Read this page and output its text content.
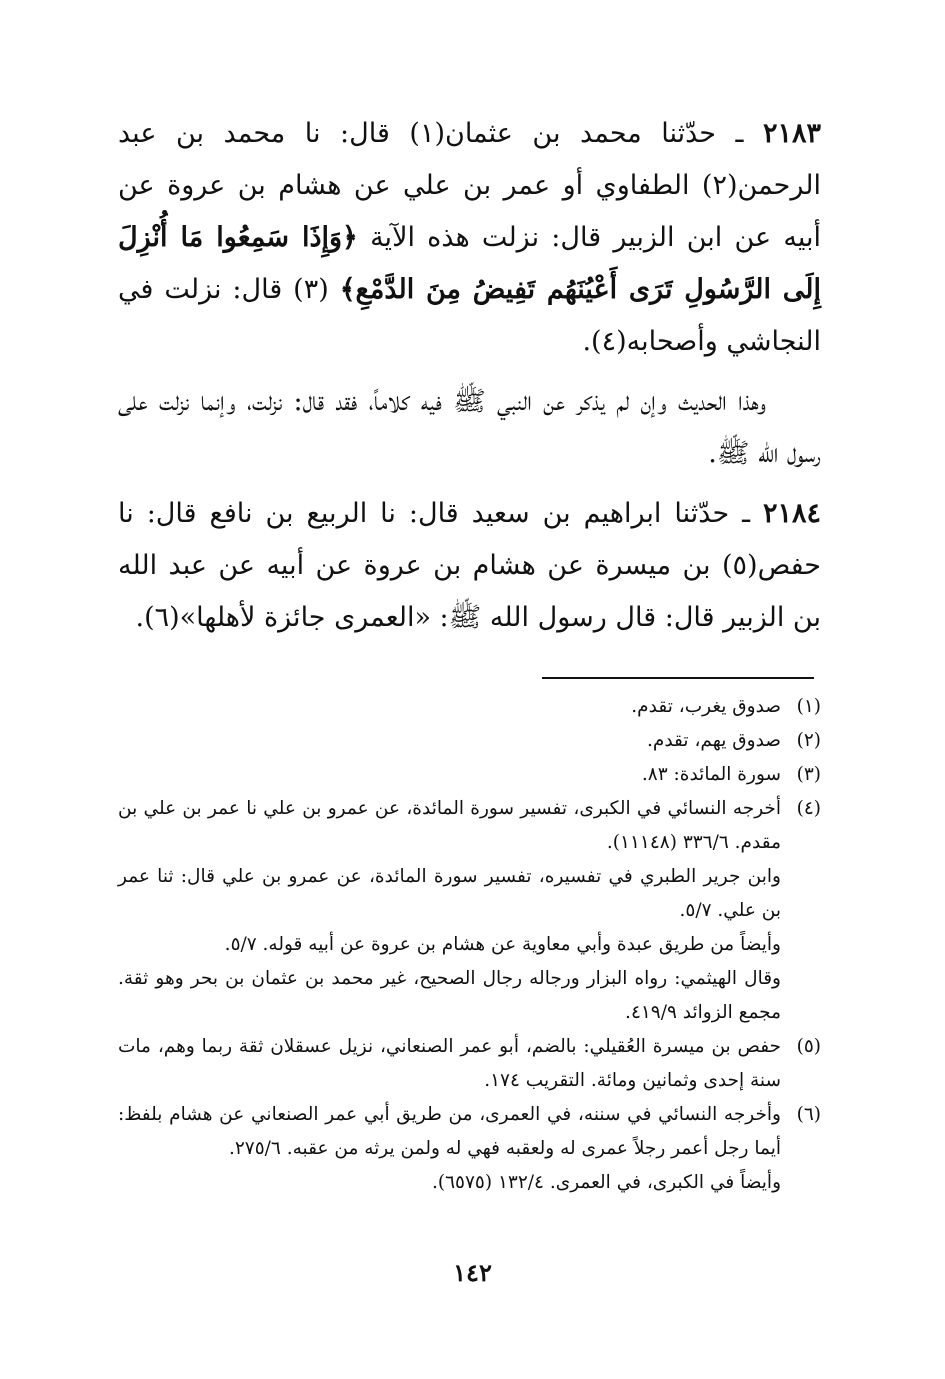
٢١٨٣ ـ حدّثنا محمد بن عثمان(١) قال: نا محمد بن عبد الرحمن(٢) الطفاوي أو عمر بن علي عن هشام بن عروة عن أبيه عن ابن الزبير قال: نزلت هذه الآية ﴿وَإِذَا سَمِعُوا مَا أُنْزِلَ إِلَى الرَّسُولِ تَرَى أَعْيُنَهُم تَفِيضُ مِنَ الدَّمْعِ﴾ (٣) قال: نزلت في النجاشي وأصحابه(٤).

وهذا الحديث وإن لم يذكر عن النبي ﷺ فيه كلاماً، فقد قال: نزلت، وإنما نزلت على رسول الله ﷺ.

٢١٨٤ ـ حدّثنا ابراهيم بن سعيد قال: نا الربيع بن نافع قال: نا حفص(٥) بن ميسرة عن هشام بن عروة عن أبيه عن عبد الله بن الزبير قال: قال رسول الله ﷺ: «العمرى جائزة لأهلها»(٦).

(١)
صدوق يغرب، تقدم.
(٢)
صدوق يهم، تقدم.
(٣)
سورة المائدة: ٨٣.
(٤)
أخرجه النسائي في الكبرى، تفسير سورة المائدة، عن عمرو بن علي نا عمر بن علي بن مقدم. ٣٣٦/٦ (١١١٤٨).
وابن جرير الطبري في تفسيره، تفسير سورة المائدة، عن عمرو بن علي قال: ثنا عمر بن علي. ٥/٧.
وأيضاً من طريق عبدة وأبي معاوية عن هشام بن عروة عن أبيه قوله. ٥/٧.
وقال الهيثمي: رواه البزار ورجاله رجال الصحيح، غير محمد بن عثمان بن بحر وهو ثقة. مجمع الزوائد ٤١٩/٩.
(٥)
حفص بن ميسرة العُقيلي: بالضم، أبو عمر الصنعاني، نزيل عسقلان ثقة ربما وهم، مات سنة إحدى وثمانين ومائة. التقريب ١٧٤.
(٦)
وأخرجه النسائي في سننه، في العمرى، من طريق أبي عمر الصنعاني عن هشام بلفظ: أيما رجل أعمر رجلاً عمرى له ولعقبه فهي له ولمن يرثه من عقبه. ٢٧٥/٦.
وأيضاً في الكبرى، في العمرى. ١٣٢/٤ (٦٥٧٥).
١٤٢
